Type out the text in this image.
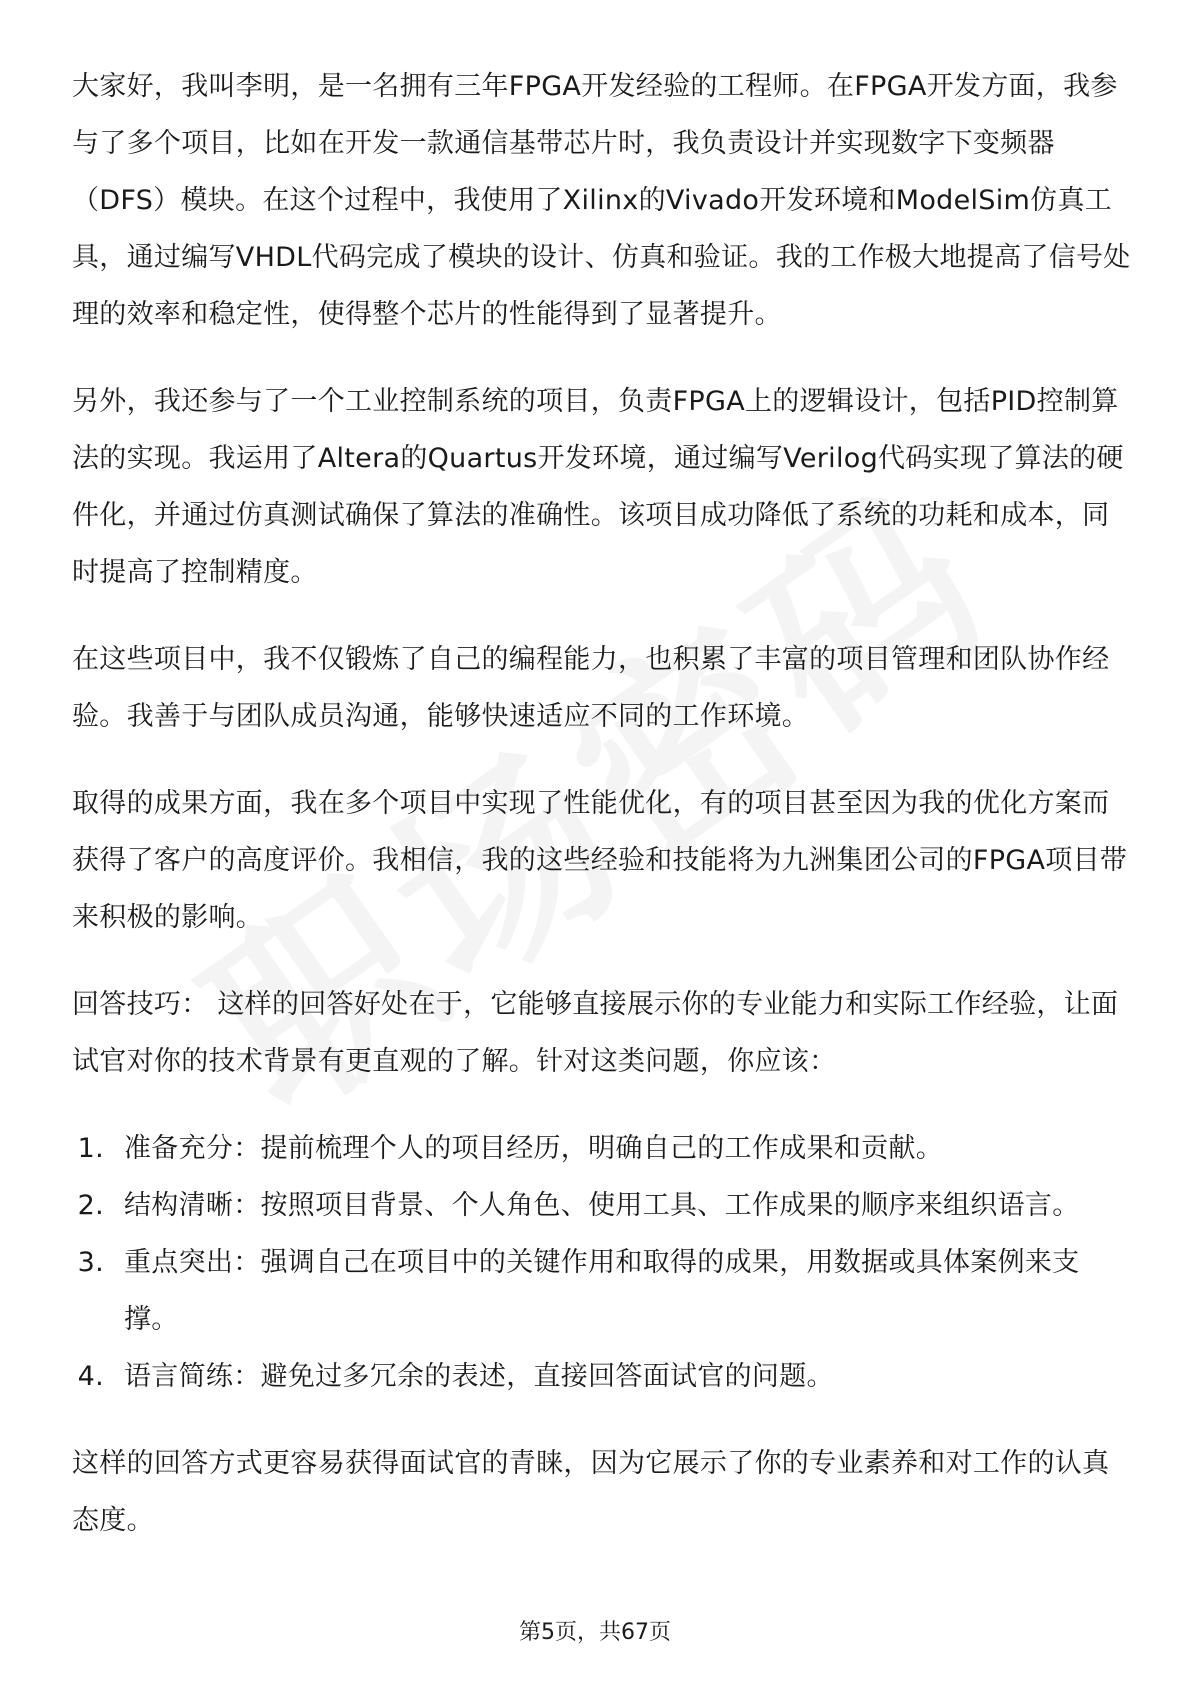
大家好，我叫李明，是一名拥有三年FPGA开发经验的工程师。在FPGA开发方面，我参与了多个项目，比如在开发一款通信基带芯片时，我负责设计并实现数字下变频器（DFS）模块。在这个过程中，我使用了Xilinx的Vivado开发环境和ModelSim仿真工具，通过编写VHDL代码完成了模块的设计、仿真和验证。我的工作极大地提高了信号处理的效率和稳定性，使得整个芯片的性能得到了显著提升。

另外，我还参与了一个工业控制系统的项目，负责FPGA上的逻辑设计，包括PID控制算法的实现。我运用了Altera的Quartus开发环境，通过编写Verilog代码实现了算法的硬件化，并通过仿真测试确保了算法的准确性。该项目成功降低了系统的功耗和成本，同时提高了控制精度。

在这些项目中，我不仅锻炼了自己的编程能力，也积累了丰富的项目管理和团队协作经验。我善于与团队成员沟通，能够快速适应不同的工作环境。

取得的成果方面，我在多个项目中实现了性能优化，有的项目甚至因为我的优化方案而获得了客户的高度评价。我相信，我的这些经验和技能将为九洲集团公司的FPGA项目带来积极的影响。

回答技巧： 这样的回答好处在于，它能够直接展示你的专业能力和实际工作经验，让面试官对你的技术背景有更直观的了解。针对这类问题，你应该：

1. 准备充分：提前梳理个人的项目经历，明确自己的工作成果和贡献。
2. 结构清晰：按照项目背景、个人角色、使用工具、工作成果的顺序来组织语言。
3. 重点突出：强调自己在项目中的关键作用和取得的成果，用数据或具体案例来支撑。
4. 语言简练：避免过多冗余的表述，直接回答面试官的问题。

这样的回答方式更容易获得面试官的青睐，因为它展示了你的专业素养和对工作的认真态度。

第5页，共67页
